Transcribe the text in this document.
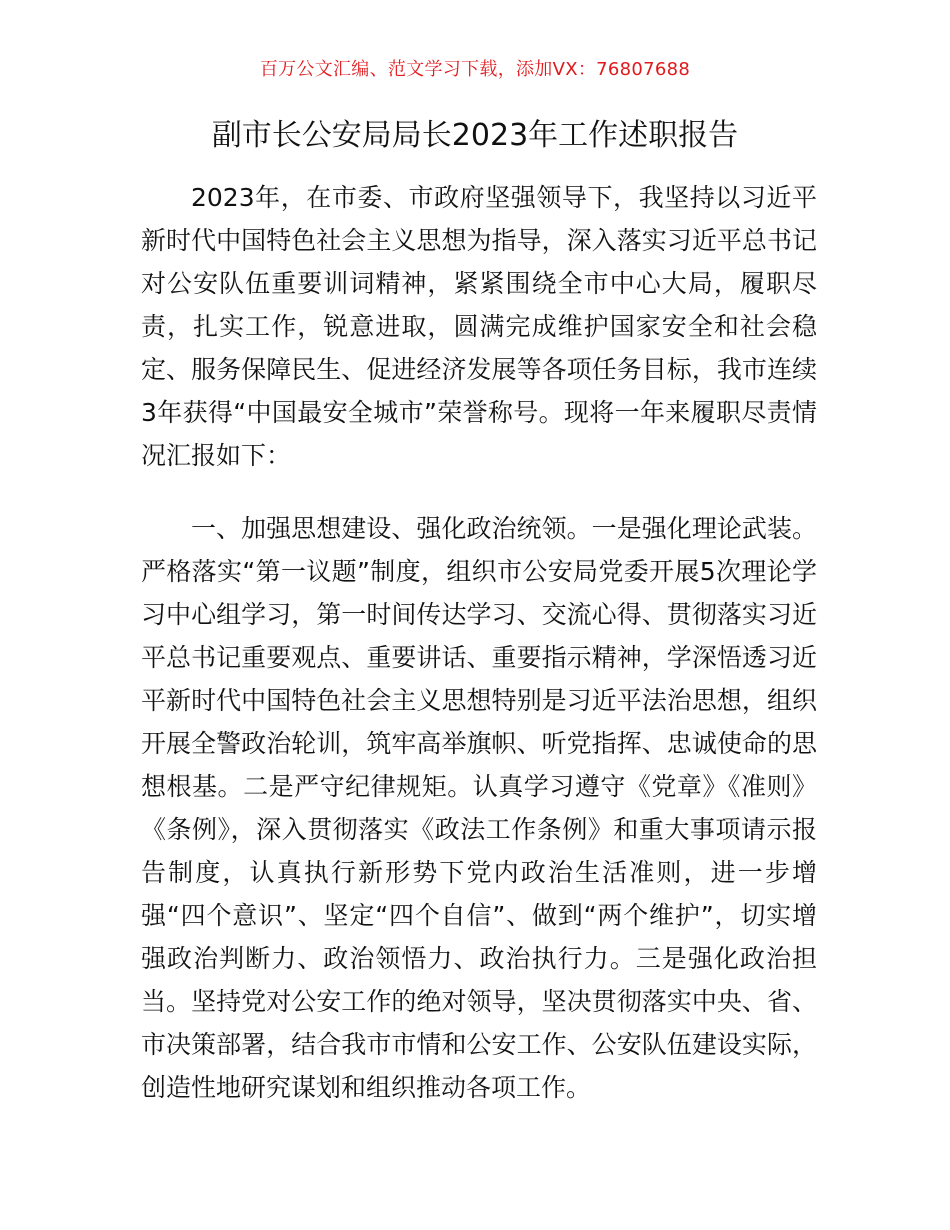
百万公文汇编、范文学习下载，添加VX：76807688
副市长公安局局长2023年工作述职报告

2023年，在市委、市政府坚强领导下，我坚持以习近平新时代中国特色社会主义思想为指导，深入落实习近平总书记对公安队伍重要训词精神，紧紧围绕全市中心大局，履职尽责，扎实工作，锐意进取，圆满完成维护国家安全和社会稳定、服务保障民生、促进经济发展等各项任务目标，我市连续3年获得“中国最安全城市”荣誉称号。现将一年来履职尽责情况汇报如下：

一、加强思想建设、强化政治统领。一是强化理论武装。严格落实“第一议题”制度，组织市公安局党委开展5次理论学习中心组学习，第一时间传达学习、交流心得、贯彻落实习近平总书记重要观点、重要讲话、重要指示精神，学深悟透习近平新时代中国特色社会主义思想特别是习近平法治思想，组织开展全警政治轮训，筑牢高举旗帜、听党指挥、忠诚使命的思想根基。二是严守纪律规矩。认真学习遵守《党章》《准则》《条例》，深入贯彻落实《政法工作条例》和重大事项请示报告制度，认真执行新形势下党内政治生活准则，进一步增强“四个意识”、坚定“四个自信”、做到“两个维护”，切实增强政治判断力、政治领悟力、政治执行力。三是强化政治担当。坚持党对公安工作的绝对领导，坚决贯彻落实中央、省、市决策部署，结合我市市情和公安工作、公安队伍建设实际，创造性地研究谋划和组织推动各项工作。
